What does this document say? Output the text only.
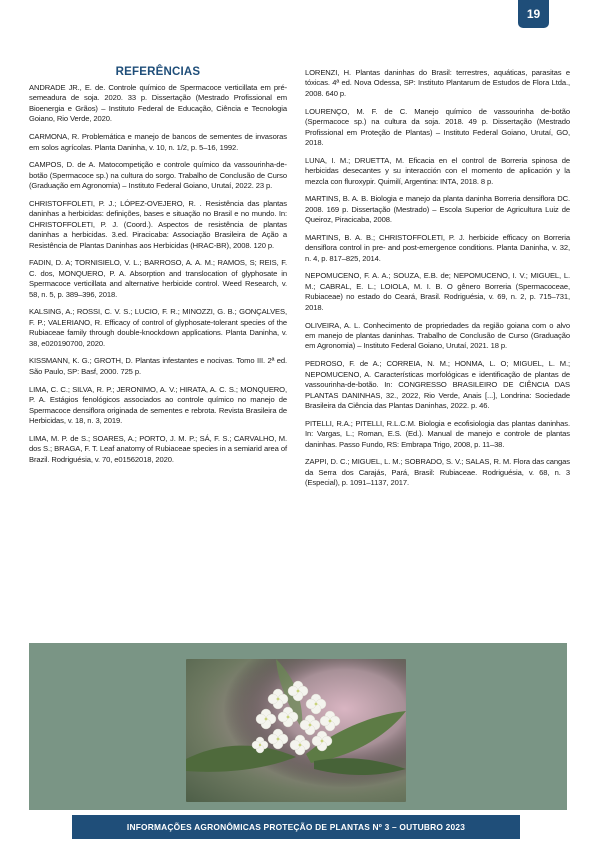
19
REFERÊNCIAS

ANDRADE JR., E. de. Controle químico de Spermacoce verticillata em pré-semeadura de soja. 2020. 33 p. Dissertação (Mestrado Profissional em Bioenergia e Grãos) – Instituto Federal de Educação, Ciência e Tecnologia Goiano, Rio Verde, 2020.

CARMONA, R. Problemática e manejo de bancos de sementes de invasoras em solos agrícolas. Planta Daninha, v. 10, n. 1/2, p. 5–16, 1992.

CAMPOS, D. de A. Matocompetição e controle químico da vassourinha-de-botão (Spermacoce sp.) na cultura do sorgo. Trabalho de Conclusão de Curso (Graduação em Agronomia) – Instituto Federal Goiano, Urutaí, 2022. 23 p.

CHRISTOFFOLETI, P. J.; LÓPEZ-OVEJERO, R. . Resistência das plantas daninhas a herbicidas: definições, bases e situação no Brasil e no mundo. In: CHRISTOFFOLETI, P. J. (Coord.). Aspectos de resistência de plantas daninhas a herbicidas. 3.ed. Piracicaba: Associação Brasileira de Ação a Resistência de Plantas Daninhas aos Herbicidas (HRAC-BR), 2008. 120 p.

FADIN, D. A; TORNISIELO, V. L.; BARROSO, A. A. M.; RAMOS, S; REIS, F. C. dos, MONQUERO, P. A. Absorption and translocation of glyphosate in Spermacoce verticillata and alternative herbicide control. Weed Research, v. 58, n. 5, p. 389–396, 2018.

KALSING, A.; ROSSI, C. V. S.; LUCIO, F. R.; MINOZZI, G. B.; GONÇALVES, F. P.; VALERIANO, R. Efficacy of control of glyphosate-tolerant species of the Rubiaceae family through double-knockdown applications. Planta Daninha, v. 38, e020190700, 2020.

KISSMANN, K. G.; GROTH, D. Plantas infestantes e nocivas. Tomo III. 2ª ed. São Paulo, SP: Basf, 2000. 725 p.

LIMA, C. C.; SILVA, R. P.; JERONIMO, A. V.; HIRATA, A. C. S.; MONQUERO, P. A. Estágios fenológicos associados ao controle químico no manejo de Spermacoce densiflora originada de sementes e rebrota. Revista Brasileira de Herbicidas, v. 18, n. 3, 2019.

LIMA, M. P. de S.; SOARES, A.; PORTO, J. M. P.; SÁ, F. S.; CARVALHO, M. dos S.; BRAGA, F. T. Leaf anatomy of Rubiaceae species in a semiarid area of Brazil. Rodriguésia, v. 70, e01562018, 2020.

LORENZI, H. Plantas daninhas do Brasil: terrestres, aquáticas, parasitas e tóxicas. 4ª ed. Nova Odessa, SP: Instituto Plantarum de Estudos de Flora Ltda., 2008. 640 p.

LOURENÇO, M. F. de C. Manejo químico de vassourinha de-botão (Spermacoce sp.) na cultura da soja. 2018. 49 p. Dissertação (Mestrado Profissional em Proteção de Plantas) – Instituto Federal Goiano, Urutaí, GO, 2018.

LUNA, I. M.; DRUETTA, M. Eficacia en el control de Borreria spinosa de herbicidas desecantes y su interacción con el momento de aplicación y la mezcla con fluroxypir. Quimilí, Argentina: INTA, 2018. 8 p.

MARTINS, B. A. B. Biologia e manejo da planta daninha Borreria densiflora DC. 2008. 169 p. Dissertação (Mestrado) – Escola Superior de Agricultura Luiz de Queiroz, Piracicaba, 2008.

MARTINS, B. A. B.; CHRISTOFFOLETI, P. J. herbicide efficacy on Borreria densiflora control in pre- and post-emergence conditions. Planta Daninha, v. 32, n. 4, p. 817–825, 2014.

NEPOMUCENO, F. A. A.; SOUZA, E.B. de; NEPOMUCENO, I. V.; MIGUEL, L. M.; CABRAL, E. L.; LOIOLA, M. I. B. O gênero Borreria (Spermacoceae, Rubiaceae) no estado do Ceará, Brasil. Rodriguésia, v. 69, n. 2, p. 715–731, 2018.

OLIVEIRA, A. L. Conhecimento de propriedades da região goiana com o alvo em manejo de plantas daninhas. Trabalho de Conclusão de Curso (Graduação em Agronomia) – Instituto Federal Goiano, Urutaí, 2021. 18 p.

PEDROSO, F. de A.; CORREIA, N. M.; HONMA, L. O; MIGUEL, L. M.; NEPOMUCENO, A. Características morfológicas e identificação de plantas de vassourinha-de-botão. In: CONGRESSO BRASILEIRO DE CIÊNCIA DAS PLANTAS DANINHAS, 32., 2022, Rio Verde, Anais [...], Londrina: Sociedade Brasileira da Ciência das Plantas Daninhas, 2022. p. 46.

PITELLI, R.A.; PITELLI, R.L.C.M. Biologia e ecofisiologia das plantas daninhas. In: Vargas, L.; Roman, E.S. (Ed.). Manual de manejo e controle de plantas daninhas. Passo Fundo, RS: Embrapa Trigo, 2008, p. 11–38.

ZAPPI, D. C.; MIGUEL, L. M.; SOBRADO, S. V.; SALAS, R. M. Flora das cangas da Serra dos Carajás, Pará, Brasil: Rubiaceae. Rodriguésia, v. 68, n. 3 (Especial), p. 1091–1137, 2017.

INFORMAÇÕES AGRONÔMICAS PROTEÇÃO DE PLANTAS Nº 3 – OUTUBRO 2023
